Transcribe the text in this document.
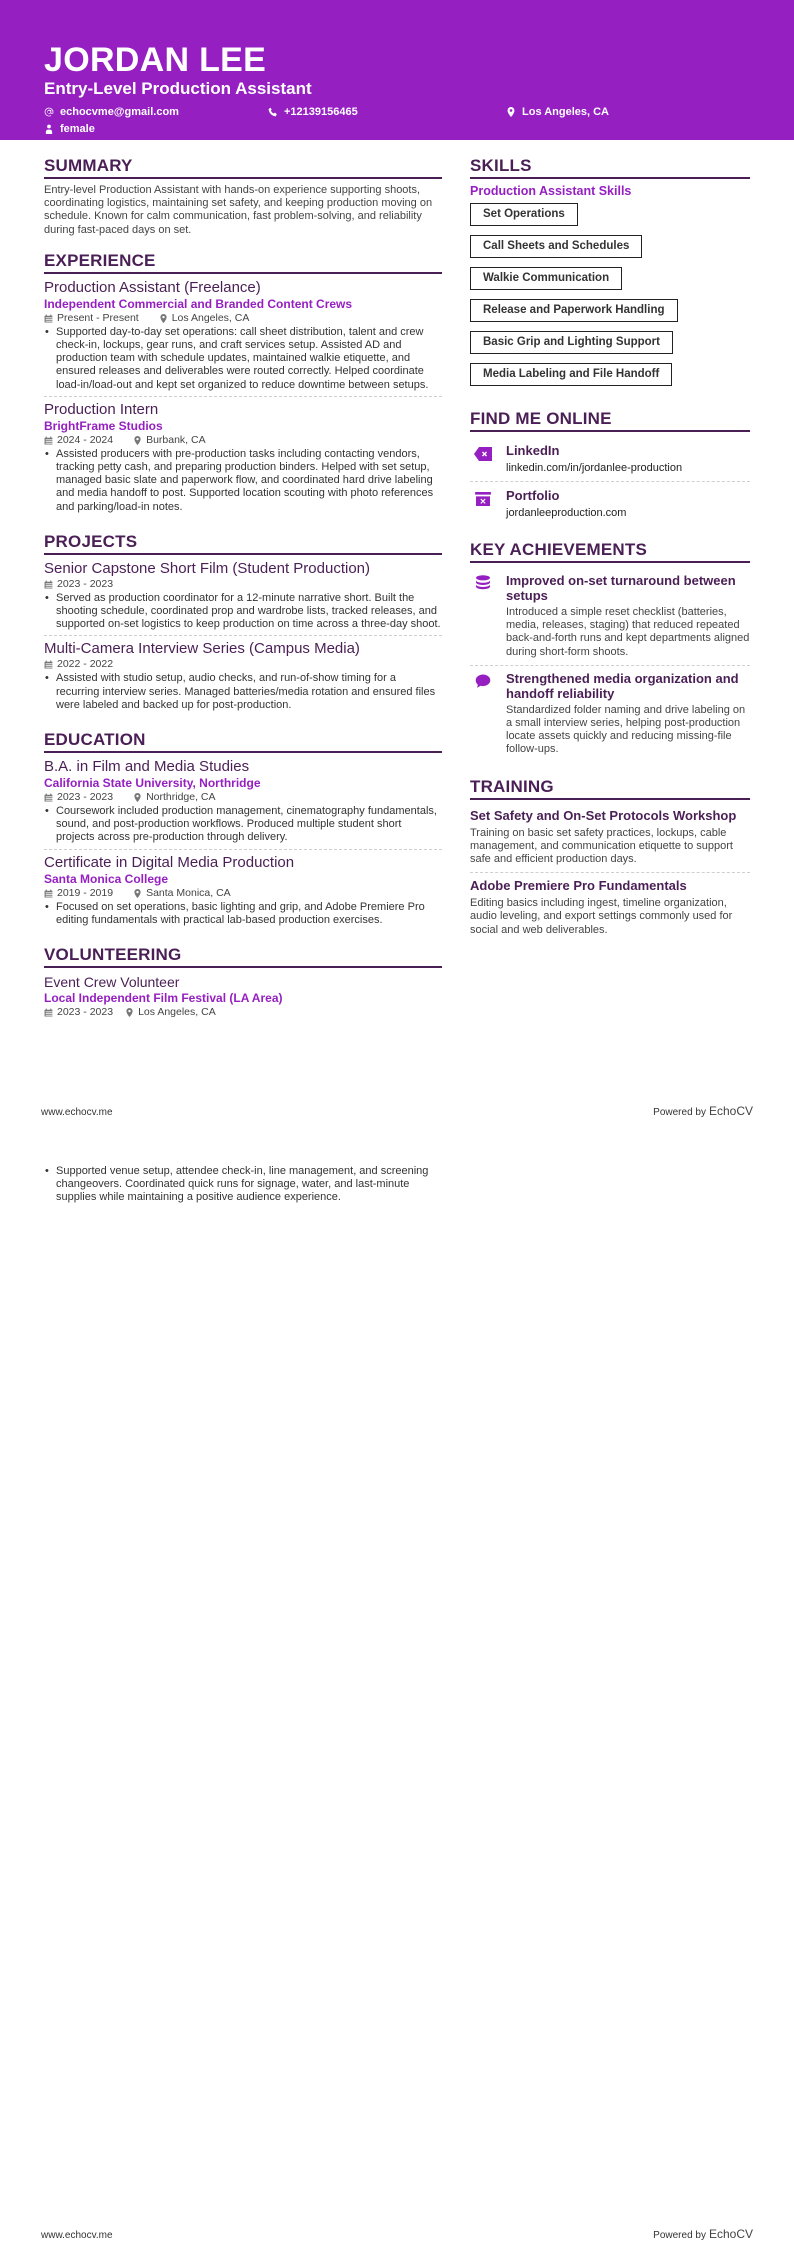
JORDAN LEE
Entry-Level Production Assistant
echocvme@gmail.com	+12139156465	Los Angeles, CA
female
SUMMARY
Entry-level Production Assistant with hands-on experience supporting shoots, coordinating logistics, maintaining set safety, and keeping production moving on schedule. Known for calm communication, fast problem-solving, and reliability during fast-paced days on set.
EXPERIENCE
Production Assistant (Freelance)
Independent Commercial and Branded Content Crews
Present - Present	Los Angeles, CA
• Supported day-to-day set operations: call sheet distribution, talent and crew check-in, lockups, gear runs, and craft services setup. Assisted AD and production team with schedule updates, maintained walkie etiquette, and ensured releases and deliverables were routed correctly. Helped coordinate load-in/load-out and kept set organized to reduce downtime between setups.
Production Intern
BrightFrame Studios
2024 - 2024	Burbank, CA
• Assisted producers with pre-production tasks including contacting vendors, tracking petty cash, and preparing production binders. Helped with set setup, managed basic slate and paperwork flow, and coordinated hard drive labeling and media handoff to post. Supported location scouting with photo references and parking/load-in notes.
PROJECTS
Senior Capstone Short Film (Student Production)
2023 - 2023
• Served as production coordinator for a 12-minute narrative short. Built the shooting schedule, coordinated prop and wardrobe lists, tracked releases, and supported on-set logistics to keep production on time across a three-day shoot.
Multi-Camera Interview Series (Campus Media)
2022 - 2022
• Assisted with studio setup, audio checks, and run-of-show timing for a recurring interview series. Managed batteries/media rotation and ensured files were labeled and backed up for post-production.
EDUCATION
B.A. in Film and Media Studies
California State University, Northridge
2023 - 2023	Northridge, CA
• Coursework included production management, cinematography fundamentals, sound, and post-production workflows. Produced multiple student short projects across pre-production through delivery.
Certificate in Digital Media Production
Santa Monica College
2019 - 2019	Santa Monica, CA
• Focused on set operations, basic lighting and grip, and Adobe Premiere Pro editing fundamentals with practical lab-based production exercises.
VOLUNTEERING
Event Crew Volunteer
Local Independent Film Festival (LA Area)
2023 - 2023 Los Angeles, CA
SKILLS
Production Assistant Skills
Set Operations
Call Sheets and Schedules
Walkie Communication
Release and Paperwork Handling
Basic Grip and Lighting Support
Media Labeling and File Handoff
FIND ME ONLINE
LinkedIn
linkedin.com/in/jordanlee-production
Portfolio
jordanleeproduction.com
KEY ACHIEVEMENTS
Improved on-set turnaround between setups
Introduced a simple reset checklist (batteries, media, releases, staging) that reduced repeated back-and-forth runs and kept departments aligned during short-form shoots.
Strengthened media organization and handoff reliability
Standardized folder naming and drive labeling on a small interview series, helping post-production locate assets quickly and reducing missing-file follow-ups.
TRAINING
Set Safety and On-Set Protocols Workshop
Training on basic set safety practices, lockups, cable management, and communication etiquette to support safe and efficient production days.
Adobe Premiere Pro Fundamentals
Editing basics including ingest, timeline organization, audio leveling, and export settings commonly used for social and web deliverables.
www.echocv.me	Powered by EchoCV
• Supported venue setup, attendee check-in, line management, and screening changeovers. Coordinated quick runs for signage, water, and last-minute supplies while maintaining a positive audience experience.
www.echocv.me	Powered by EchoCV
